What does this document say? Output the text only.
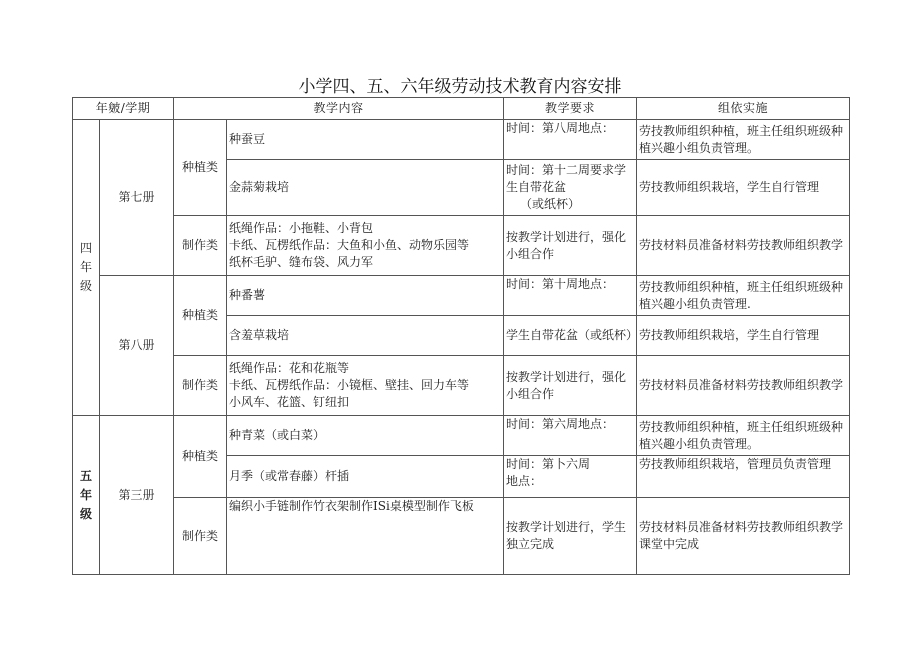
小学四、五、六年级劳动技术教育内容安排
年皴/学期		教学内容		教学要求	组依实施

四
年
级	第七册	种植类	种蚕豆	时间：第八周地点：	劳技教师组织种植，班主任组织班级种植兴趣小组负责管理。
			金蒜菊栽培	时间：第十二周要求学生自带花盆
（或纸杯）	劳技教师组织栽培，学生自行管理
		制作类	纸绳作品：小拖鞋、小背包
卡纸、瓦楞纸作品：大鱼和小鱼、动物乐园等
纸杯毛驴、缝布袋、风力军	按教学计划进行，强化小组合作	劳技材料员准备材料劳技教师组织教学
	第八册	种植类	种番薯	时间：第十周地点：	劳技教师组织种植，班主任组织班级种植兴趣小组负责管理.
			含羞草栽培	学生自带花盆（或纸杯）	劳技教师组织栽培，学生自行管理
		制作类	纸绳作品：花和花瓶等
卡纸、瓦楞纸作品：小镜框、壁挂、回力车等
小风车、花篮、钉纽扣	按教学计划进行，强化小组合作	劳技材料员准备材料劳技教师组织教学

五
年
级	第三册	种植类	种青菜（或白菜）	时间：第六周地点：	劳技教师组织种植，班主任组织班级种植兴趣小组负责管理。
			月季（或常春藤）杆插	时间：第卜六周
地点：	劳技教师组织栽培，管理员负责管理
		制作类	编织小手链制作竹衣架制作ISi桌模型制作飞板	按教学计划进行，学生独立完成	劳技材料员准备材料劳技教师组织教学课堂中完成
